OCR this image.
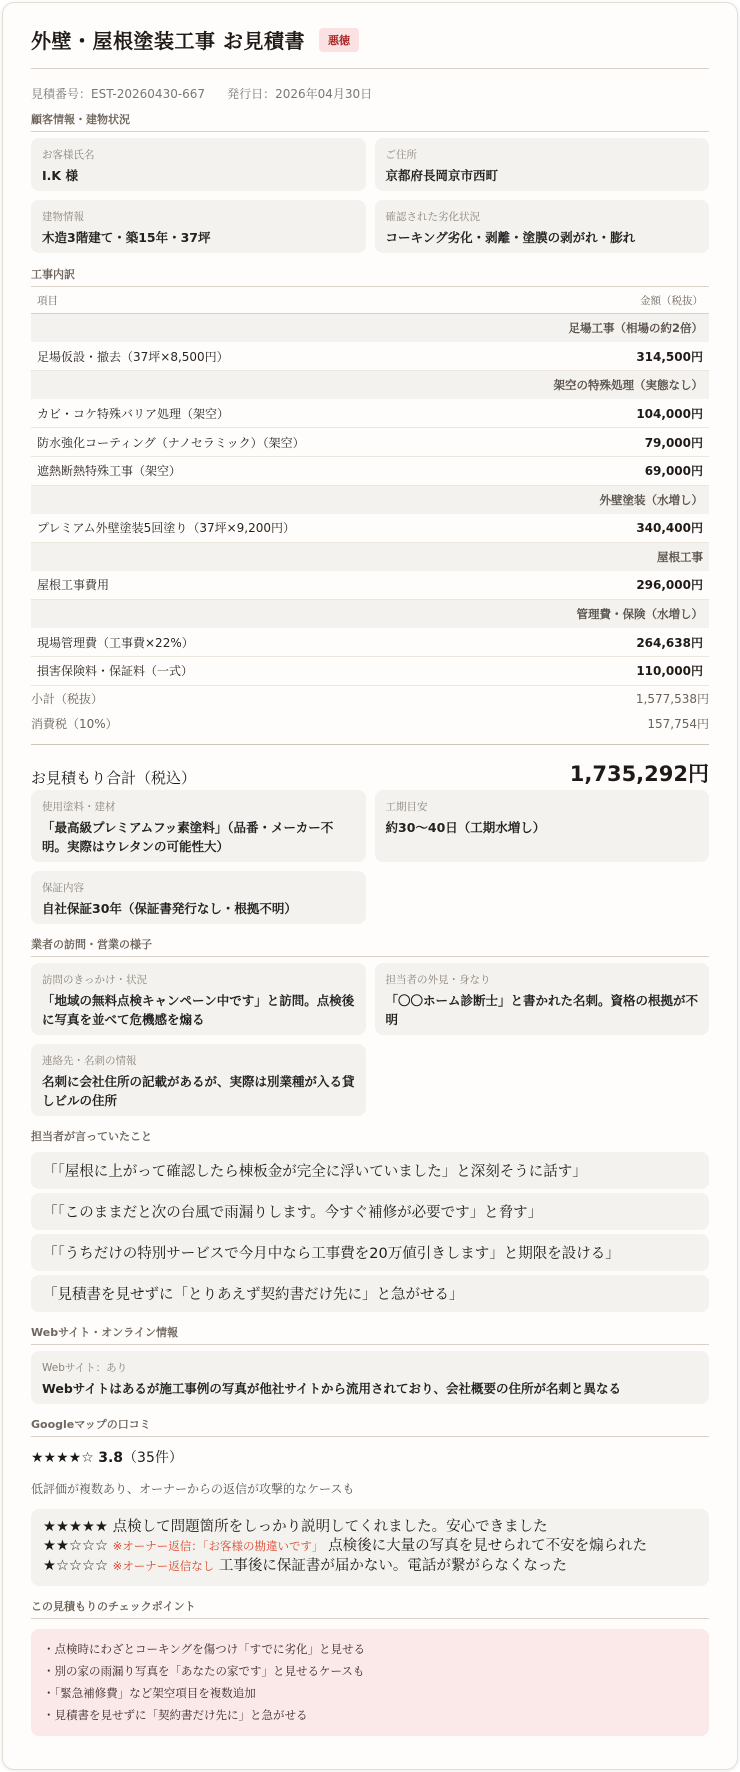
外壁・屋根塗装工事 お見積書	悪徳
見積番号：EST-20260430-667 発行日：2026年04月30日
顧客情報・建物状況
お客様氏名
I.K 様
ご住所
京都府長岡京市西町
建物情報
木造3階建て・築15年・37坪
確認された劣化状況
コーキング劣化・剥離・塗膜の剥がれ・膨れ
工事内訳
項目	金額（税抜）
足場工事（相場の約2倍）	
足場仮設・撤去（37坪×8,500円）	314,500円
架空の特殊処理（実態なし）	
カビ・コケ特殊バリア処理（架空）	104,000円
防水強化コーティング（ナノセラミック）（架空）	79,000円
遮熱断熱特殊工事（架空）	69,000円
外壁塗装（水増し）	
プレミアム外壁塗装5回塗り（37坪×9,200円）	340,400円
屋根工事	
屋根工事費用	296,000円
管理費・保険（水増し）	
現場管理費（工事費×22%）	264,638円
損害保険料・保証料（一式）	110,000円
小計（税抜）	1,577,538円
消費税（10%）	157,754円
お見積もり合計（税込）	1,735,292円
使用塗料・建材
「最高級プレミアムフッ素塗料」（品番・メーカー不明。実際はウレタンの可能性大）
工期目安
約30〜40日（工期水増し）
保証内容
自社保証30年（保証書発行なし・根拠不明）
業者の訪問・営業の様子
訪問のきっかけ・状況
「地域の無料点検キャンペーン中です」と訪問。点検後に写真を並べて危機感を煽る
担当者の外見・身なり
「〇〇ホーム診断士」と書かれた名刺。資格の根拠が不明
連絡先・名刺の情報
名刺に会社住所の記載があるが、実際は別業種が入る貸しビルの住所
担当者が言っていたこと
「「屋根に上がって確認したら棟板金が完全に浮いていました」と深刻そうに話す」
「「このままだと次の台風で雨漏りします。今すぐ補修が必要です」と脅す」
「「うちだけの特別サービスで今月中なら工事費を20万値引きします」と期限を設ける」
「見積書を見せずに「とりあえず契約書だけ先に」と急がせる」
Webサイト・オンライン情報
Webサイト：あり
Webサイトはあるが施工事例の写真が他社サイトから流用されており、会社概要の住所が名刺と異なる
Googleマップの口コミ
★★★★☆ 3.8（35件）
低評価が複数あり、オーナーからの返信が攻撃的なケースも
★★★★★ 点検して問題箇所をしっかり説明してくれました。安心できました
★★☆☆☆ ※オーナー返信：「お客様の勘違いです」 点検後に大量の写真を見せられて不安を煽られた
★☆☆☆☆ ※オーナー返信なし 工事後に保証書が届かない。電話が繋がらなくなった
この見積もりのチェックポイント
・点検時にわざとコーキングを傷つけ「すでに劣化」と見せる
・別の家の雨漏り写真を「あなたの家です」と見せるケースも
・「緊急補修費」など架空項目を複数追加
・見積書を見せずに「契約書だけ先に」と急がせる
